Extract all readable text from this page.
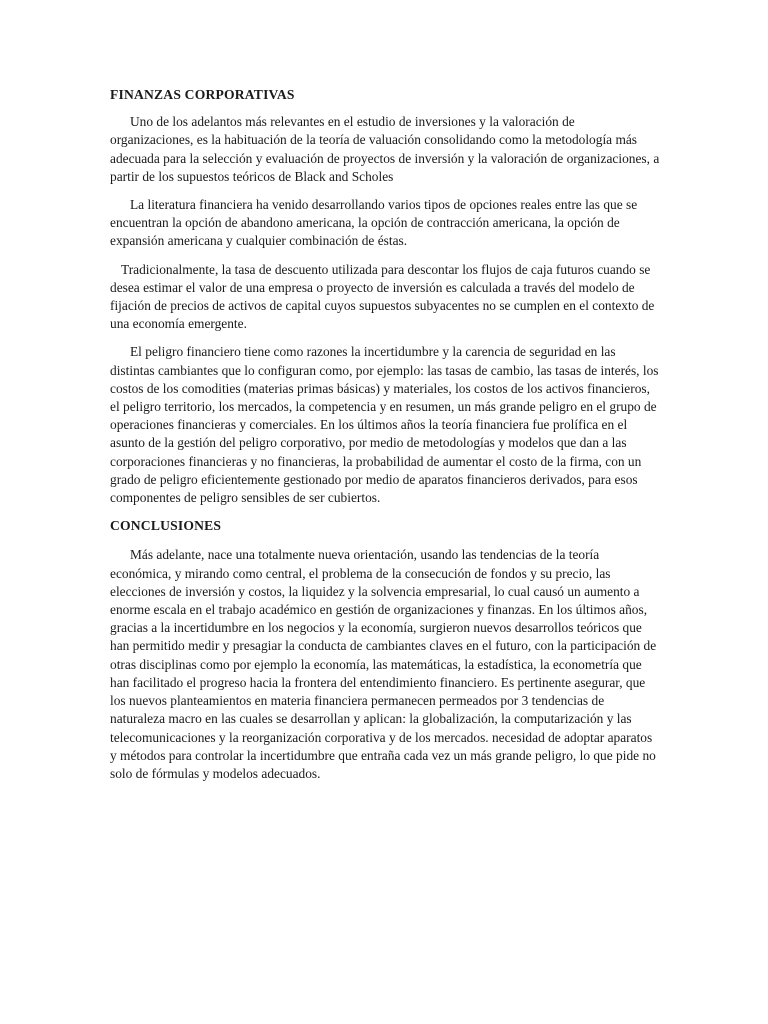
FINANZAS CORPORATIVAS

Uno de los adelantos más relevantes en el estudio de inversiones y la valoración de organizaciones, es la habituación de la teoría de valuación consolidando como la metodología más adecuada para la selección y evaluación de proyectos de inversión y la valoración de organizaciones, a partir de los supuestos teóricos de Black and Scholes

La literatura financiera ha venido desarrollando varios tipos de opciones reales entre las que se encuentran la opción de abandono americana, la opción de contracción americana, la opción de expansión americana y cualquier combinación de éstas.

Tradicionalmente, la tasa de descuento utilizada para descontar los flujos de caja futuros cuando se desea estimar el valor de una empresa o proyecto de inversión es calculada a través del modelo de fijación de precios de activos de capital cuyos supuestos subyacentes no se cumplen en el contexto de una economía emergente.

El peligro financiero tiene como razones la incertidumbre y la carencia de seguridad en las distintas cambiantes que lo configuran como, por ejemplo: las tasas de cambio, las tasas de interés, los costos de los comodities (materias primas básicas) y materiales, los costos de los activos financieros, el peligro territorio, los mercados, la competencia y en resumen, un más grande peligro en el grupo de operaciones financieras y comerciales. En los últimos años la teoría financiera fue prolífica en el asunto de la gestión del peligro corporativo, por medio de metodologías y modelos que dan a las corporaciones financieras y no financieras, la probabilidad de aumentar el costo de la firma, con un grado de peligro eficientemente gestionado por medio de aparatos financieros derivados, para esos componentes de peligro sensibles de ser cubiertos.

CONCLUSIONES

Más adelante, nace una totalmente nueva orientación, usando las tendencias de la teoría económica, y mirando como central, el problema de la consecución de fondos y su precio, las elecciones de inversión y costos, la liquidez y la solvencia empresarial, lo cual causó un aumento a enorme escala en el trabajo académico en gestión de organizaciones y finanzas. En los últimos años, gracias a la incertidumbre en los negocios y la economía, surgieron nuevos desarrollos teóricos que han permitido medir y presagiar la conducta de cambiantes claves en el futuro, con la participación de otras disciplinas como por ejemplo la economía, las matemáticas, la estadística, la econometría que han facilitado el progreso hacia la frontera del entendimiento financiero. Es pertinente asegurar, que los nuevos planteamientos en materia financiera permanecen permeados por 3 tendencias de naturaleza macro en las cuales se desarrollan y aplican: la globalización, la computarización y las telecomunicaciones y la reorganización corporativa y de los mercados. necesidad de adoptar aparatos y métodos para controlar la incertidumbre que entraña cada vez un más grande peligro, lo que pide no solo de fórmulas y modelos adecuados.
